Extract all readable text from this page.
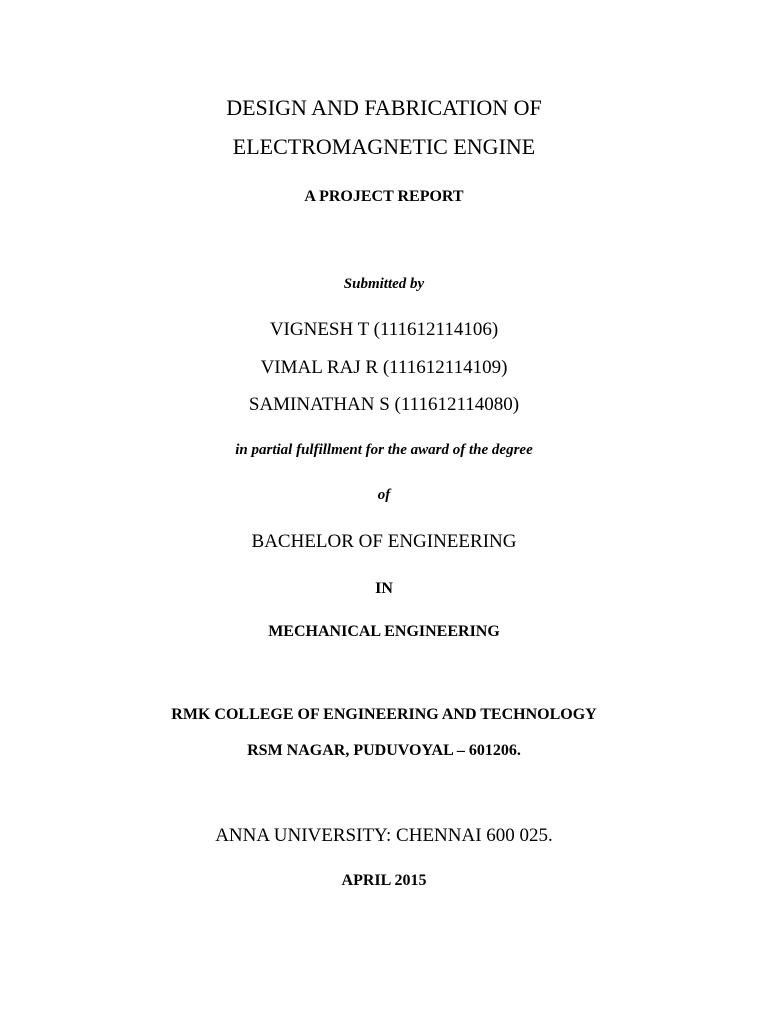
DESIGN AND FABRICATION OF
ELECTROMAGNETIC ENGINE
A PROJECT REPORT
Submitted by
VIGNESH T (111612114106)
VIMAL RAJ R (111612114109)
SAMINATHAN S (111612114080)
in partial fulfillment for the award of the degree
of
BACHELOR OF ENGINEERING
IN
MECHANICAL ENGINEERING
RMK COLLEGE OF ENGINEERING AND TECHNOLOGY
RSM NAGAR, PUDUVOYAL – 601206.
ANNA UNIVERSITY: CHENNAI 600 025.
APRIL 2015
